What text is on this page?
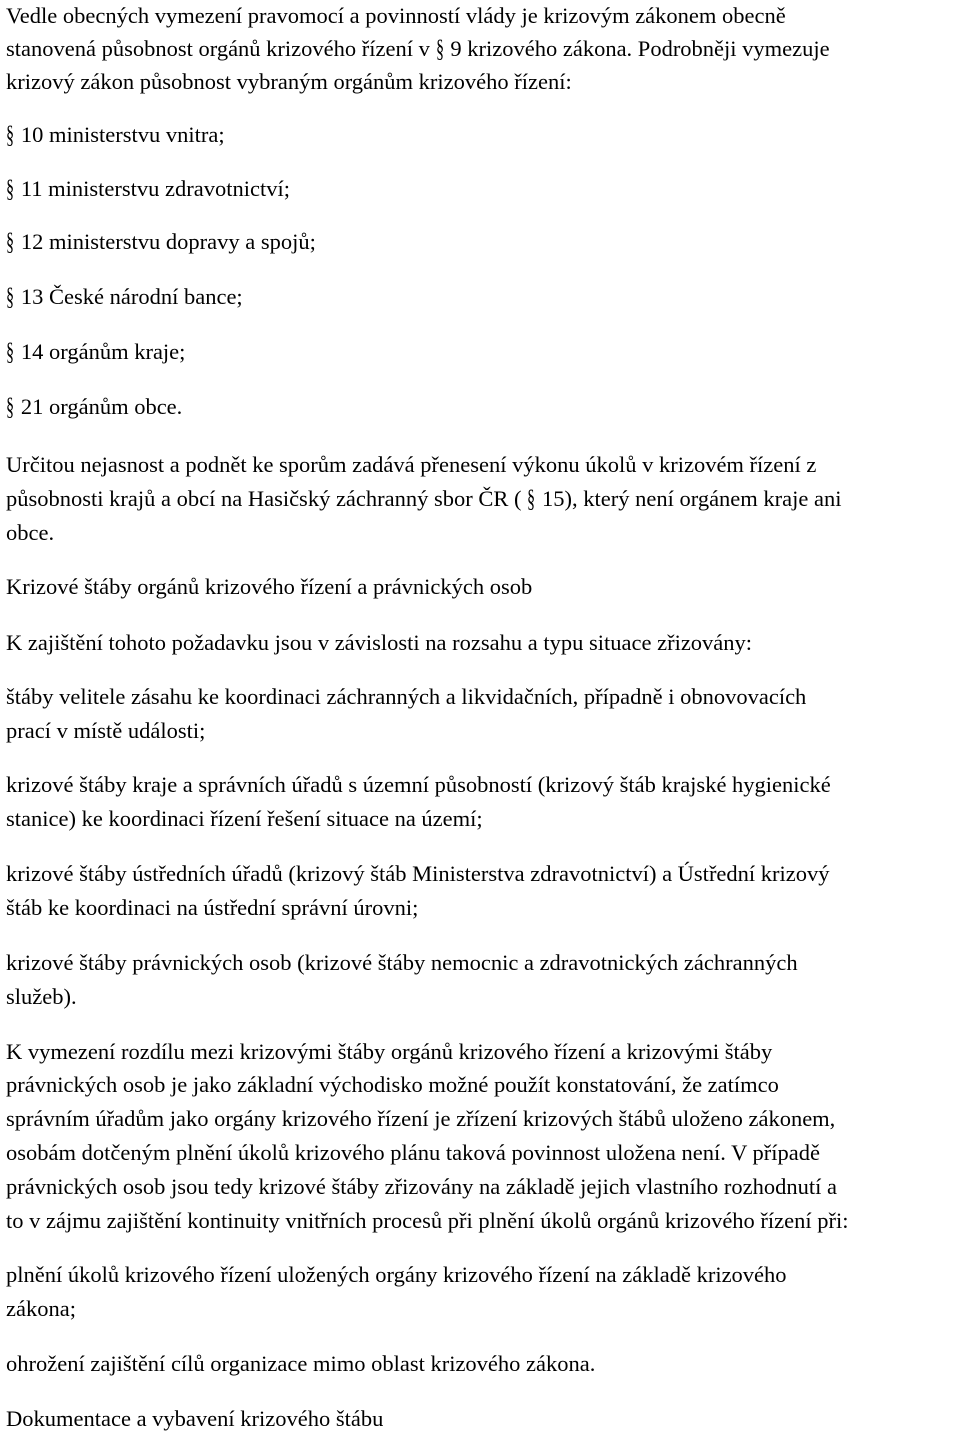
Vedle obecných vymezení pravomocí a povinností vlády je krizovým zákonem obecně
stanovená působnost orgánů krizového řízení v § 9 krizového zákona. Podrobněji vymezuje
krizový zákon působnost vybraným orgánům krizového řízení:
§ 10 ministerstvu vnitra;
§ 11 ministerstvu zdravotnictví;
§ 12 ministerstvu dopravy a spojů;
§ 13 České národní bance;
§ 14 orgánům kraje;
§ 21 orgánům obce.
Určitou nejasnost a podnět ke sporům zadává přenesení výkonu úkolů v krizovém řízení z
působnosti krajů a obcí na Hasičský záchranný sbor ČR ( § 15), který není orgánem kraje ani
obce.
Krizové štáby orgánů krizového řízení a právnických osob
K zajištění tohoto požadavku jsou v závislosti na rozsahu a typu situace zřizovány:
štáby velitele zásahu ke koordinaci záchranných a likvidačních, případně i obnovovacích
prací v místě události;
krizové štáby kraje a správních úřadů s územní působností (krizový štáb krajské hygienické
stanice) ke koordinaci řízení řešení situace na území;
krizové štáby ústředních úřadů (krizový štáb Ministerstva zdravotnictví) a Ústřední krizový
štáb ke koordinaci na ústřední správní úrovni;
krizové štáby právnických osob (krizové štáby nemocnic a zdravotnických záchranných
služeb).
K vymezení rozdílu mezi krizovými štáby orgánů krizového řízení a krizovými štáby
právnických osob je jako základní východisko možné použít konstatování, že zatímco
správním úřadům jako orgány krizového řízení je zřízení krizových štábů uloženo zákonem,
osobám dotčeným plnění úkolů krizového plánu taková povinnost uložena není. V případě
právnických osob jsou tedy krizové štáby zřizovány na základě jejich vlastního rozhodnutí a
to v zájmu zajištění kontinuity vnitřních procesů při plnění úkolů orgánů krizového řízení při:
plnění úkolů krizového řízení uložených orgány krizového řízení na základě krizového
zákona;
ohrožení zajištění cílů organizace mimo oblast krizového zákona.
Dokumentace a vybavení krizového štábu
